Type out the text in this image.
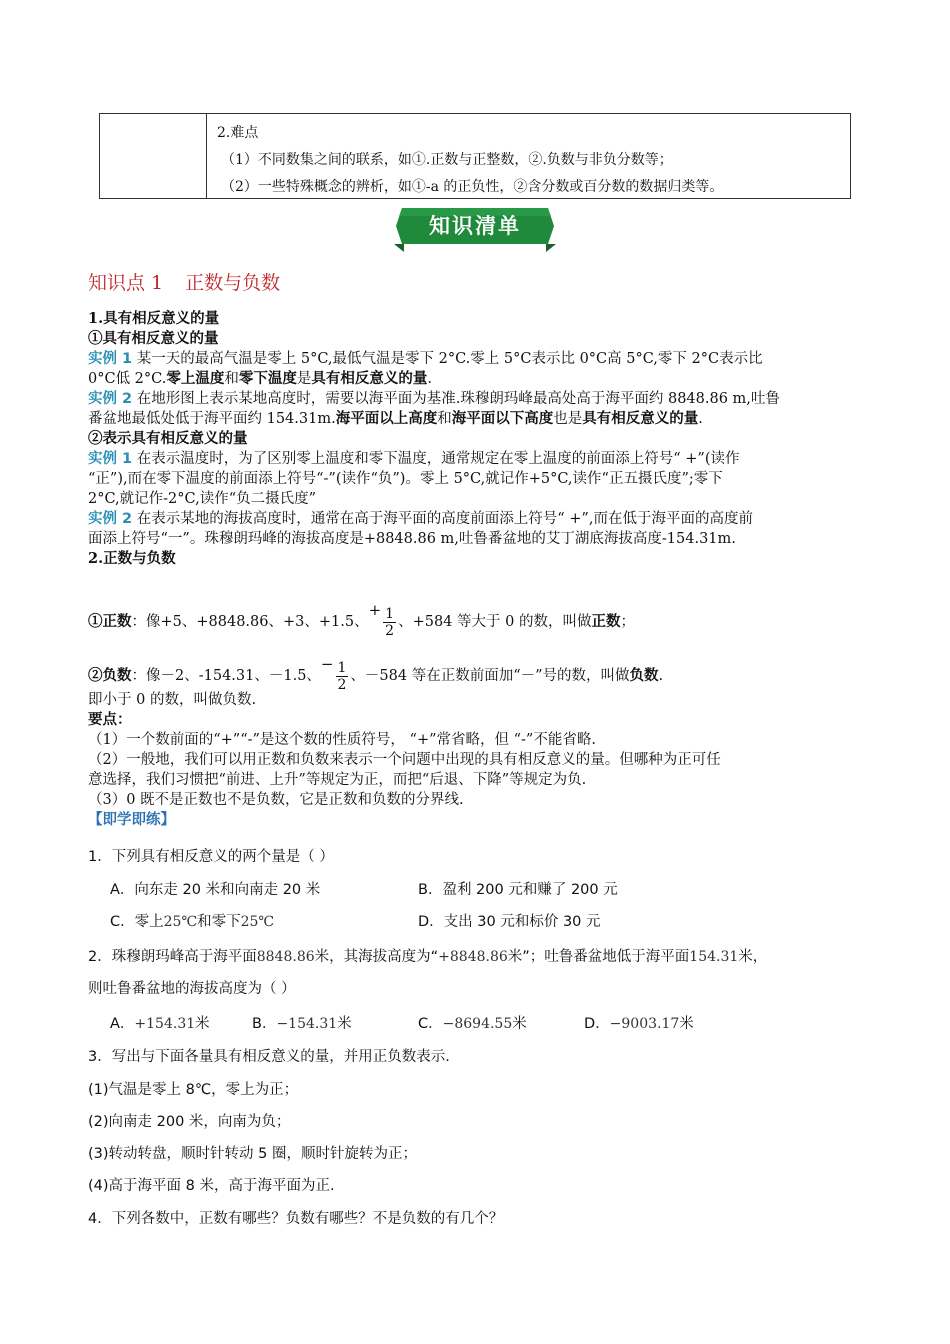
2.难点
（1）不同数集之间的联系，如①.正数与正整数，②.负数与非负分数等；
（2）一些特殊概念的辨析，如①-a 的正负性，②含分数或百分数的数据归类等。
知识清单
知识点 1 正数与负数
1.具有相反意义的量
①具有相反意义的量
实例 1 某一天的最高气温是零上 5°C,最低气温是零下 2°C.零上 5°C表示比 0°C高 5°C,零下 2°C表示比
0°C低 2°C.零上温度和零下温度是具有相反意义的量.
实例 2 在地形图上表示某地高度时，需要以海平面为基准.珠穆朗玛峰最高处高于海平面约 8848.86 m,吐鲁
番盆地最低处低于海平面约 154.31m.海平面以上高度和海平面以下高度也是具有相反意义的量.
②表示具有相反意义的量
实例 1 在表示温度时，为了区别零上温度和零下温度，通常规定在零上温度的前面添上符号“ +”(读作
“正”),而在零下温度的前面添上符号“-”(读作“负”)。零上 5°C,就记作+5°C,读作“正五摄氏度”;零下
2°C,就记作-2°C,读作“负二摄氏度”
实例 2 在表示某地的海拔高度时，通常在高于海平面的高度前面添上符号“ +”,而在低于海平面的高度前
面添上符号“一”。珠穆朗玛峰的海拔高度是+8848.86 m,吐鲁番盆地的艾丁湖底海拔高度-154.31m.
2.正数与负数
①正数：像+5、+8848.86、+3、+1.5、+ $\frac{1}{2}$ 、+584 等大于 0 的数，叫做正数；
②负数：像－2、-154.31、－1.5、− $\frac{1}{2}$ 、－584 等在正数前面加“－”号的数，叫做负数.
即小于 0 的数，叫做负数.
要点：
（1）一个数前面的“+”“-”是这个数的性质符号， “+”常省略，但 “-”不能省略.
（2）一般地，我们可以用正数和负数来表示一个问题中出现的具有相反意义的量。但哪种为正可任
意选择，我们习惯把“前进、上升”等规定为正，而把“后退、下降”等规定为负.
（3）0 既不是正数也不是负数，它是正数和负数的分界线.
【即学即练】
1．下列具有相反意义的两个量是（ ）
A．向东走 20 米和向南走 20 米	B．盈利 200 元和赚了 200 元
C．零上25℃和零下25℃	D．支出 30 元和标价 30 元
2．珠穆朗玛峰高于海平面8848.86米，其海拔高度为“+8848.86米”；吐鲁番盆地低于海平面154.31米，
则吐鲁番盆地的海拔高度为（ ）
A．+154.31米	B．−154.31米	C．−8694.55米	D．−9003.17米
3．写出与下面各量具有相反意义的量，并用正负数表示.
(1)气温是零上 8℃，零上为正；
(2)向南走 200 米，向南为负；
(3)转动转盘，顺时针转动 5 圈，顺时针旋转为正；
(4)高于海平面 8 米，高于海平面为正.
4．下列各数中，正数有哪些？负数有哪些？不是负数的有几个？
